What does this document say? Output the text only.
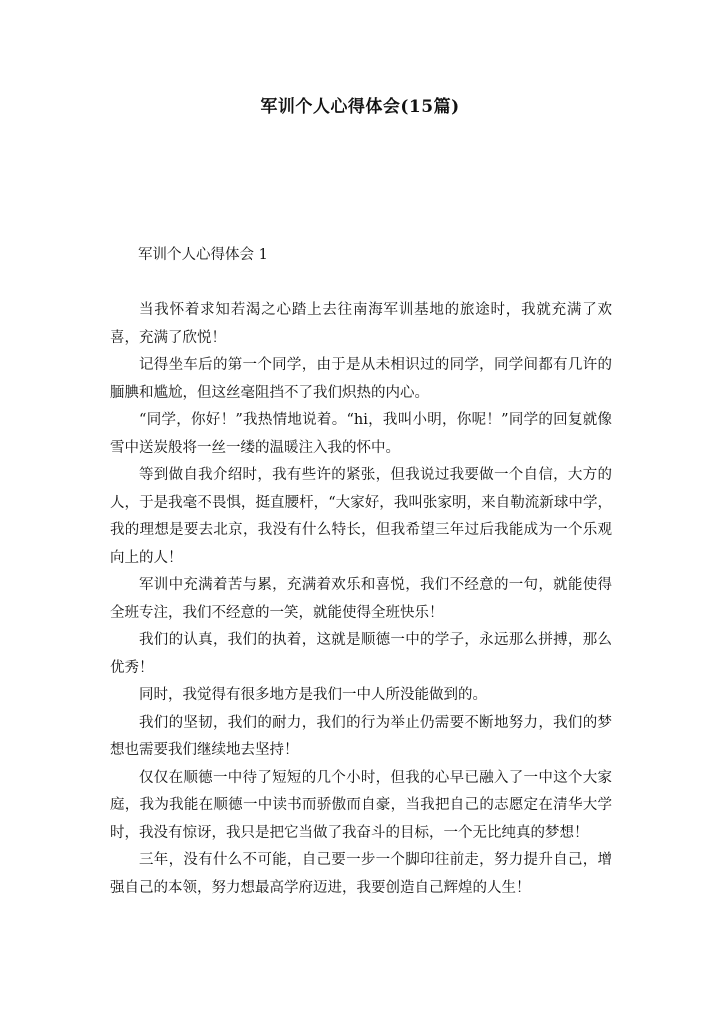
军训个人心得体会(15篇)
军训个人心得体会 1

当我怀着求知若渴之心踏上去往南海军训基地的旅途时，我就充满了欢喜，充满了欣悦！

记得坐车后的第一个同学，由于是从未相识过的同学，同学间都有几许的腼腆和尴尬，但这丝毫阻挡不了我们炽热的内心。

“同学，你好！”我热情地说着。“hi，我叫小明，你呢！”同学的回复就像雪中送炭般将一丝一缕的温暖注入我的怀中。

等到做自我介绍时，我有些许的紧张，但我说过我要做一个自信，大方的人，于是我毫不畏惧，挺直腰杆，“大家好，我叫张家明，来自勒流新球中学，我的理想是要去北京，我没有什么特长，但我希望三年过后我能成为一个乐观向上的人！

军训中充满着苦与累，充满着欢乐和喜悦，我们不经意的一句，就能使得全班专注，我们不经意的一笑，就能使得全班快乐！

我们的认真，我们的执着，这就是顺德一中的学子，永远那么拼搏，那么优秀！

同时，我觉得有很多地方是我们一中人所没能做到的。

我们的坚韧，我们的耐力，我们的行为举止仍需要不断地努力，我们的梦想也需要我们继续地去坚持！

仅仅在顺德一中待了短短的几个小时，但我的心早已融入了一中这个大家庭，我为我能在顺德一中读书而骄傲而自豪，当我把自己的志愿定在清华大学时，我没有惊讶，我只是把它当做了我奋斗的目标，一个无比纯真的梦想！

三年，没有什么不可能，自己要一步一个脚印往前走，努力提升自己，增强自己的本领，努力想最高学府迈进，我要创造自己辉煌的人生！
